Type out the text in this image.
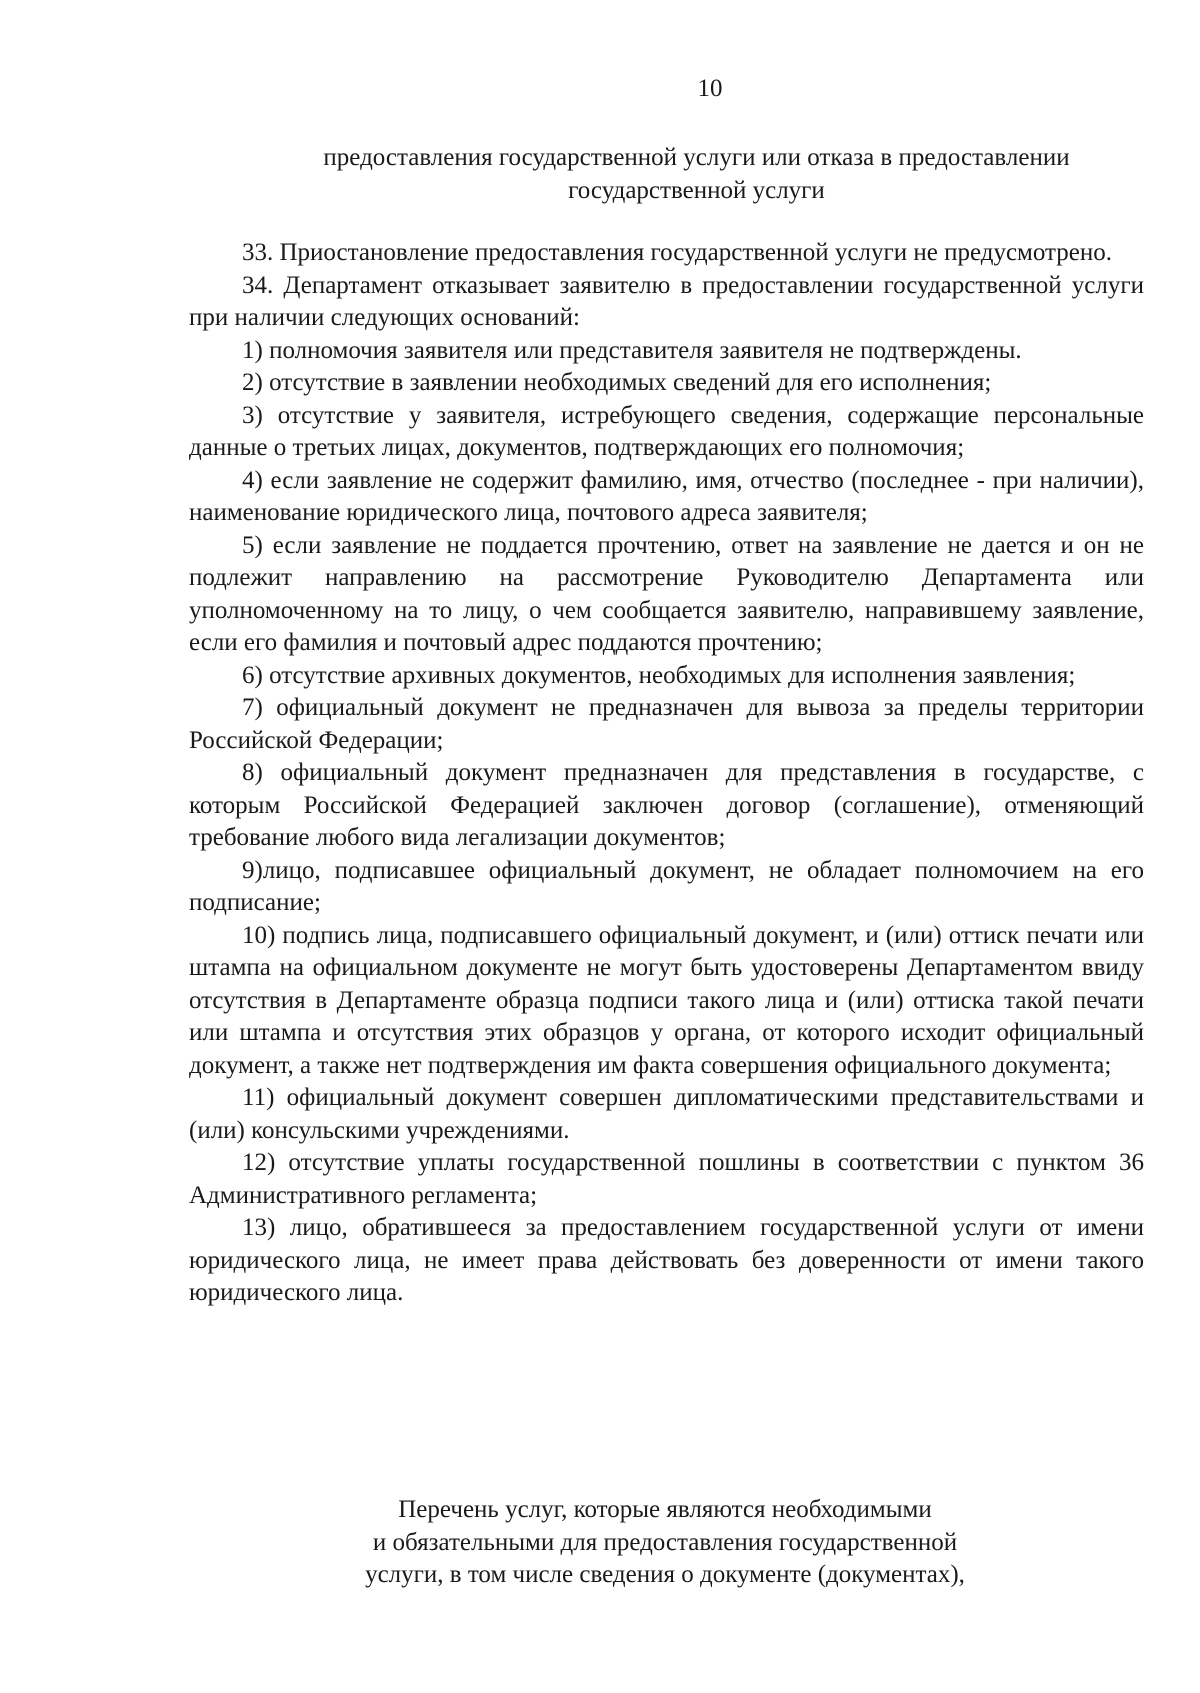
10
предоставления государственной услуги или отказа в предоставлении
государственной услуги

33. Приостановление предоставления государственной услуги не предусмотрено.

34. Департамент отказывает заявителю в предоставлении государственной услуги при наличии следующих оснований:

1) полномочия заявителя или представителя заявителя не подтверждены.

2) отсутствие в заявлении необходимых сведений для его исполнения;

3) отсутствие у заявителя, истребующего сведения, содержащие персональные данные о третьих лицах, документов, подтверждающих его полномочия;

4) если заявление не содержит фамилию, имя, отчество (последнее - при наличии), наименование юридического лица, почтового адреса заявителя;

5) если заявление не поддается прочтению, ответ на заявление не дается и он не подлежит направлению на рассмотрение Руководителю Департамента или уполномоченному на то лицу, о чем сообщается заявителю, направившему заявление, если его фамилия и почтовый адрес поддаются прочтению;

6) отсутствие архивных документов, необходимых для исполнения заявления;

7) официальный документ не предназначен для вывоза за пределы территории Российской Федерации;

8) официальный документ предназначен для представления в государстве, с которым Российской Федерацией заключен договор (соглашение), отменяющий требование любого вида легализации документов;

9)лицо, подписавшее официальный документ, не обладает полномочием на его подписание;

10) подпись лица, подписавшего официальный документ, и (или) оттиск печати или штампа на официальном документе не могут быть удостоверены Департаментом ввиду отсутствия в Департаменте образца подписи такого лица и (или) оттиска такой печати или штампа и отсутствия этих образцов у органа, от которого исходит официальный документ, а также нет подтверждения им факта совершения официального документа;

11) официальный документ совершен дипломатическими представительствами и (или) консульскими учреждениями.

12) отсутствие уплаты государственной пошлины в соответствии с пунктом 36 Административного регламента;

13) лицо, обратившееся за предоставлением государственной услуги от имени юридического лица, не имеет права действовать без доверенности от имени такого юридического лица.

Перечень услуг, которые являются необходимыми
и обязательными для предоставления государственной
услуги, в том числе сведения о документе (документах),
